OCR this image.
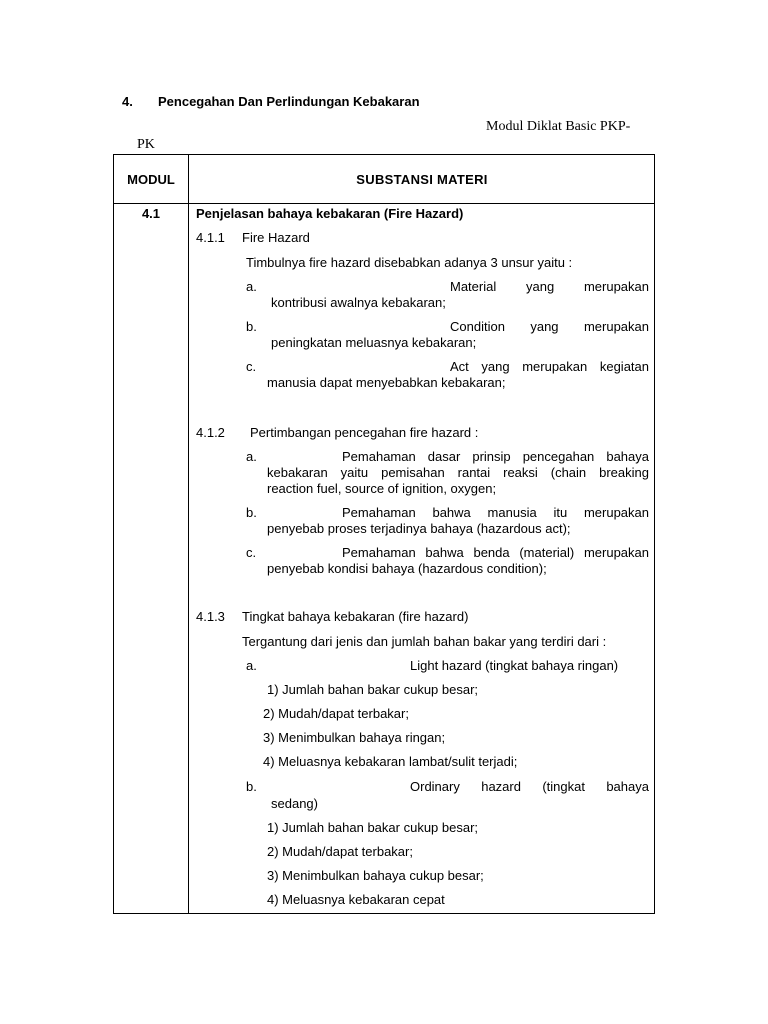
4. Pencegahan Dan Perlindungan Kebakaran
Modul Diklat Basic PKP-
PK
MODUL	SUBSTANSI MATERI
4.1	Penjelasan bahaya kebakaran (Fire Hazard)
4.1.1 Fire Hazard
Timbulnya fire hazard disebabkan adanya 3 unsur yaitu :
a.	Material yang merupakan
kontribusi awalnya kebakaran;
b.	Condition yang merupakan
peningkatan meluasnya kebakaran;
c.	Act yang merupakan kegiatan
manusia dapat menyebabkan kebakaran;
4.1.2 Pertimbangan pencegahan fire hazard :
a.	Pemahaman dasar prinsip pencegahan bahaya
kebakaran yaitu pemisahan rantai reaksi (chain breaking
reaction fuel, source of ignition, oxygen;
b.	Pemahaman bahwa manusia itu merupakan
penyebab proses terjadinya bahaya (hazardous act);
c.	Pemahaman bahwa benda (material) merupakan
penyebab kondisi bahaya (hazardous condition);
4.1.3 Tingkat bahaya kebakaran (fire hazard)
Tergantung dari jenis dan jumlah bahan bakar yang terdiri dari :
a.	Light hazard (tingkat bahaya ringan)
1) Jumlah bahan bakar cukup besar;
2) Mudah/dapat terbakar;
3) Menimbulkan bahaya ringan;
4) Meluasnya kebakaran lambat/sulit terjadi;
b.	Ordinary hazard (tingkat bahaya
sedang)
1) Jumlah bahan bakar cukup besar;
2) Mudah/dapat terbakar;
3) Menimbulkan bahaya cukup besar;
4) Meluasnya kebakaran cepat
